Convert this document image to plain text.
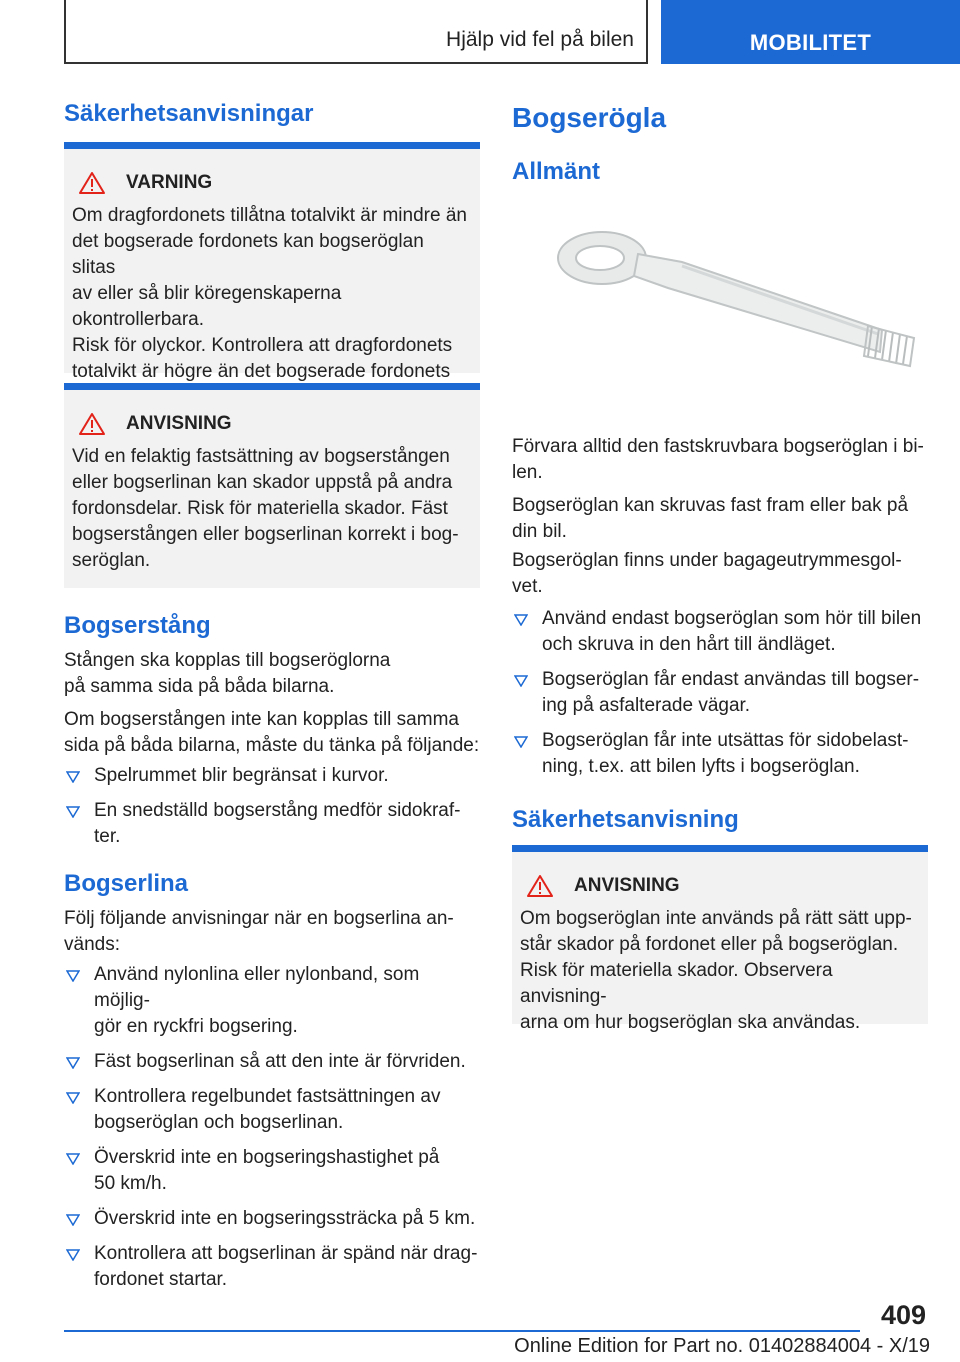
Hjälp vid fel på bilen	MOBILITET
Säkerhetsanvisningar
VARNING
Om dragfordonets tillåtna totalvikt är mindre än
det bogserade fordonets kan bogseröglan slitas
av eller så blir köregenskaperna okontrollerbara.
Risk för olyckor. Kontrollera att dragfordonets
totalvikt är högre än det bogserade fordonets
ANVISNING
Vid en felaktig fastsättning av bogserstången
eller bogserlinan kan skador uppstå på andra
fordonsdelar. Risk för materiella skador. Fäst
bogserstången eller bogserlinan korrekt i bog-
seröglan.
Bogserstång
Stången ska kopplas till bogseröglorna
på samma sida på båda bilarna.
Om bogserstången inte kan kopplas till samma
sida på båda bilarna, måste du tänka på följande:
Spelrummet blir begränsat i kurvor.
En snedställd bogserstång medför sidokraf-
ter.
Bogserlina
Följ följande anvisningar när en bogserlina an-
vänds:
Använd nylonlina eller nylonband, som möjlig-
gör en ryckfri bogsering.
Fäst bogserlinan så att den inte är förvriden.
Kontrollera regelbundet fastsättningen av
bogseröglan och bogserlinan.
Överskrid inte en bogseringshastighet på
50 km/h.
Överskrid inte en bogseringssträcka på 5 km.
Kontrollera att bogserlinan är spänd när drag-
fordonet startar.
Bogserögla
Allmänt
Förvara alltid den fastskruvbara bogseröglan i bi-
len.
Bogseröglan kan skruvas fast fram eller bak på
din bil.
Bogseröglan finns under bagageutrymmesgol-
vet.
Använd endast bogseröglan som hör till bilen
och skruva in den hårt till ändläget.
Bogseröglan får endast användas till bogser-
ing på asfalterade vägar.
Bogseröglan får inte utsättas för sidobelast-
ning, t.ex. att bilen lyfts i bogseröglan.
Säkerhetsanvisning
ANVISNING
Om bogseröglan inte används på rätt sätt upp-
står skador på fordonet eller på bogseröglan.
Risk för materiella skador. Observera anvisning-
arna om hur bogseröglan ska användas.
409
Online Edition for Part no. 01402884004 - X/19
